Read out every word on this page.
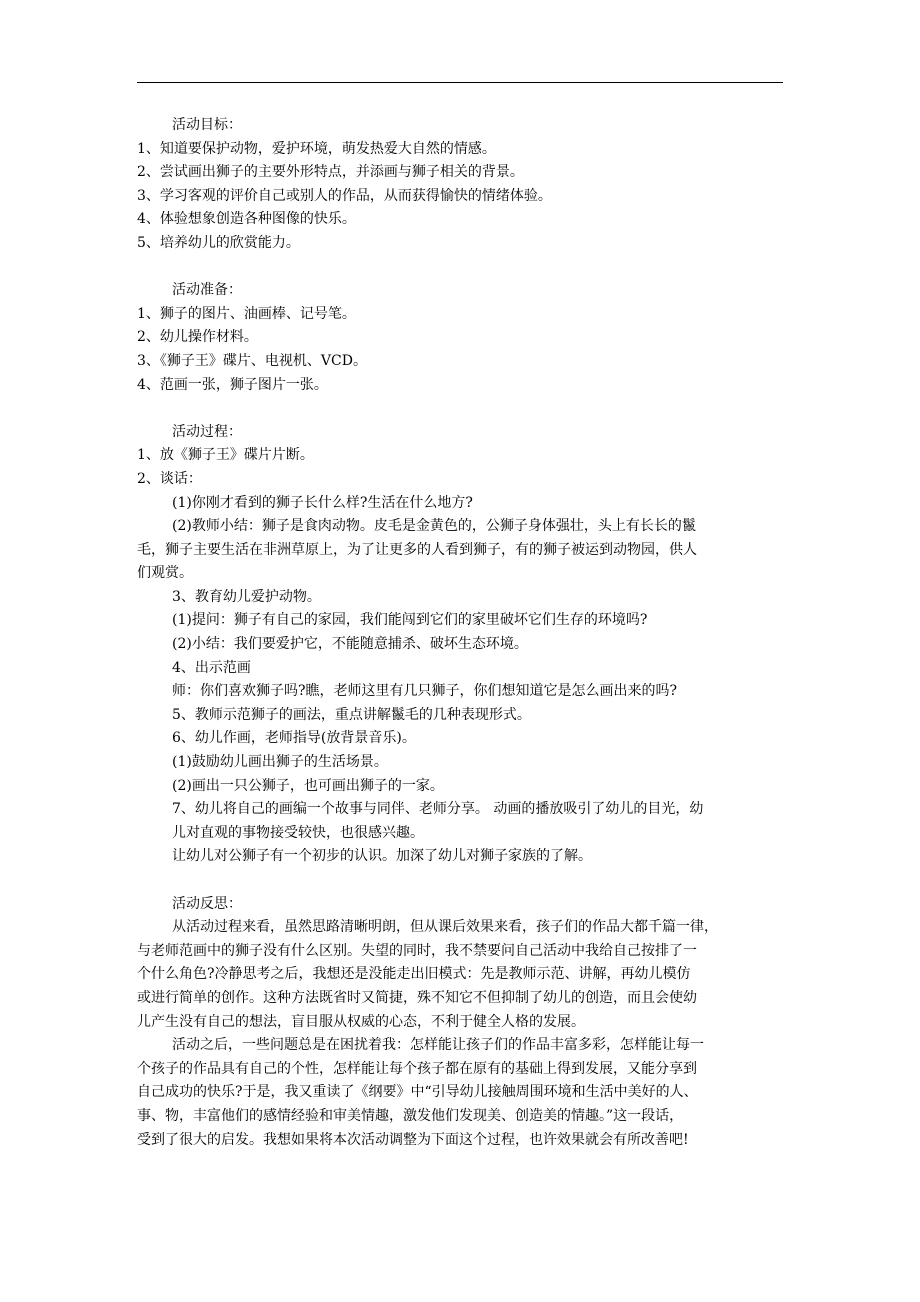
活动目标：
1、知道要保护动物，爱护环境，萌发热爱大自然的情感。
2、尝试画出狮子的主要外形特点，并添画与狮子相关的背景。
3、学习客观的评价自己或别人的作品，从而获得愉快的情绪体验。
4、体验想象创造各种图像的快乐。
5、培养幼儿的欣赏能力。
活动准备：
1、狮子的图片、油画棒、记号笔。
2、幼儿操作材料。
3、《狮子王》碟片、电视机、VCD。
4、范画一张，狮子图片一张。
活动过程：
1、放《狮子王》碟片片断。
2、谈话：
(1)你刚才看到的狮子长什么样?生活在什么地方?
(2)教师小结：狮子是食肉动物。皮毛是金黄色的，公狮子身体强壮，头上有长长的鬣
毛，狮子主要生活在非洲草原上，为了让更多的人看到狮子，有的狮子被运到动物园，供人
们观赏。
3、教育幼儿爱护动物。
(1)提问：狮子有自己的家园，我们能闯到它们的家里破坏它们生存的环境吗?
(2)小结：我们要爱护它，不能随意捕杀、破坏生态环境。
4、出示范画
师：你们喜欢狮子吗?瞧，老师这里有几只狮子，你们想知道它是怎么画出来的吗?
5、教师示范狮子的画法，重点讲解鬣毛的几种表现形式。
6、幼儿作画，老师指导(放背景音乐)。
(1)鼓励幼儿画出狮子的生活场景。
(2)画出一只公狮子，也可画出狮子的一家。
7、幼儿将自己的画编一个故事与同伴、老师分享。 动画的播放吸引了幼儿的目光，幼
儿对直观的事物接受较快，也很感兴趣。
让幼儿对公狮子有一个初步的认识。加深了幼儿对狮子家族的了解。
活动反思：
从活动过程来看，虽然思路清晰明朗，但从课后效果来看，孩子们的作品大都千篇一律，
与老师范画中的狮子没有什么区别。失望的同时，我不禁要问自己活动中我给自己按排了一
个什么角色?冷静思考之后，我想还是没能走出旧模式：先是教师示范、讲解，再幼儿模仿
或进行简单的创作。这种方法既省时又简捷，殊不知它不但抑制了幼儿的创造，而且会使幼
儿产生没有自己的想法，盲目服从权威的心态，不利于健全人格的发展。
活动之后，一些问题总是在困扰着我：怎样能让孩子们的作品丰富多彩，怎样能让每一
个孩子的作品具有自己的个性，怎样能让每个孩子都在原有的基础上得到发展，又能分享到
自己成功的快乐?于是，我又重读了《纲要》中“引导幼儿接触周围环境和生活中美好的人、
事、物，丰富他们的感情经验和审美情趣，激发他们发现美、创造美的情趣。”这一段话，
受到了很大的启发。我想如果将本次活动调整为下面这个过程，也许效果就会有所改善吧!
